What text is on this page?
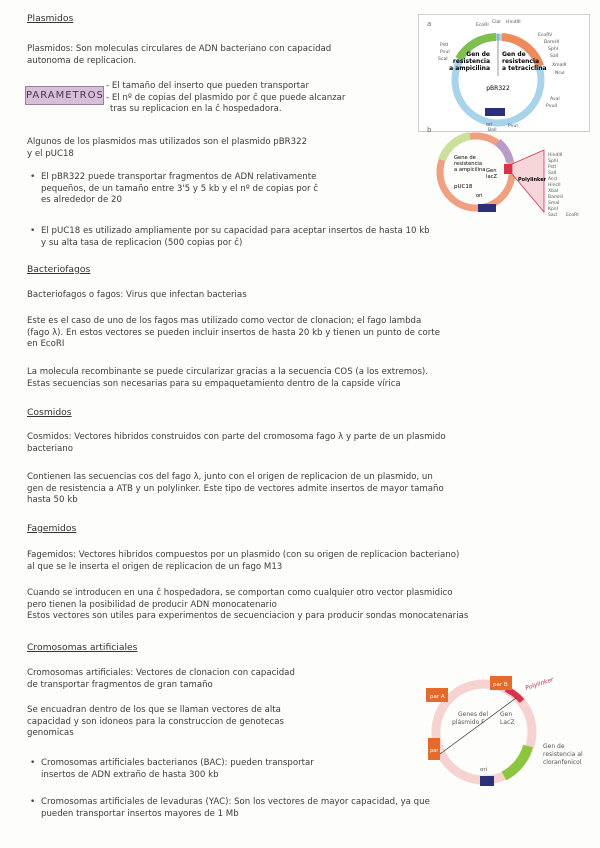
Plasmidos
Plasmidos: Son moleculas circulares de ADN bacteriano con capacidad
autonoma de replicacion.
PARAMETROS
- El tamaño del inserto que pueden transportar
- El nº de copias del plasmido por ĉ que puede alcanzar
tras su replicacion en la ĉ hospedadora.
Algunos de los plasmidos mas utilizados son el plasmido pBR322
y el pUC18
• El pBR322 puede transportar fragmentos de ADN relativamente
pequeños, de un tamaño entre 3'5 y 5 kb y el nº de copias por ĉ
es alrededor de 20
• El pUC18 es utilizado ampliamente por su capacidad para aceptar insertos de hasta 10 kb
y su alta tasa de replicacion (500 copias por ĉ)
Bacteriofagos
Bacteriofagos o fagos: Virus que infectan bacterias
Este es el caso de uno de los fagos mas utilizado como vector de clonacion; el fago lambda
(fago λ). En estos vectores se pueden incluir insertos de hasta 20 kb y tienen un punto de corte
en EcoRI
La molecula recombinante se puede circularizar gracias a la secuencia COS (a los extremos).
Estas secuencias son necesarias para su empaquetamiento dentro de la capside vírica
Cosmidos
Cosmidos: Vectores hibridos construidos con parte del cromosoma fago λ y parte de un plasmido
bacteriano
Contienen las secuencias cos del fago λ, junto con el origen de replicacion de un plasmido, un
gen de resistencia a ATB y un polylinker. Este tipo de vectores admite insertos de mayor tamaño
hasta 50 kb
Fagemidos
Fagemidos: Vectores hibridos compuestos por un plasmido (con su origen de replicacion bacteriano)
al que se le inserta el origen de replicacion de un fago M13
Cuando se introducen en una ĉ hospedadora, se comportan como cualquier otro vector plasmidico
pero tienen la posibilidad de producir ADN monocatenario
Estos vectores son utiles para experimentos de secuenciacion y para producir sondas monocatenarias
Cromosomas artificiales
Cromosomas artificiales: Vectores de clonacion con capacidad
de transportar fragmentos de gran tamaño
Se encuadran dentro de los que se llaman vectores de alta
capacidad y son idoneos para la construccion de genotecas
genomicas
• Cromosomas artificiales bacterianos (BAC): pueden transportar
insertos de ADN extraño de hasta 300 kb
• Cromosomas artificiales de levaduras (YAC): Son los vectores de mayor capacidad, ya que
pueden transportar insertos mayores de 1 Mb
a
Gen de
resistencia
a ampicilina
Gen de
resistencia
a tetraciclina
pBR322
ori
EcoRI
ClaI HindIII
EcoRV
BamHI
SphI
SalI
XmaIII
NruI
AvaI
PvuII
PstI
PvuI
ScaI
BalI
PvuI
b
Gene de
resistencia
a ampicilina
pUC18
Gen
lacZ
ori
Polylinker
HindIII
SphI
PstI
SalI
AccI
HincII
XbaI
BamHI
SmaI
KpnI
SacI EcoRI
par A
par B
par C
Genes del
plásmido F
Gen
LacZ
Polylinker
Gen de
resistencia al
cloranfenicol
ori
